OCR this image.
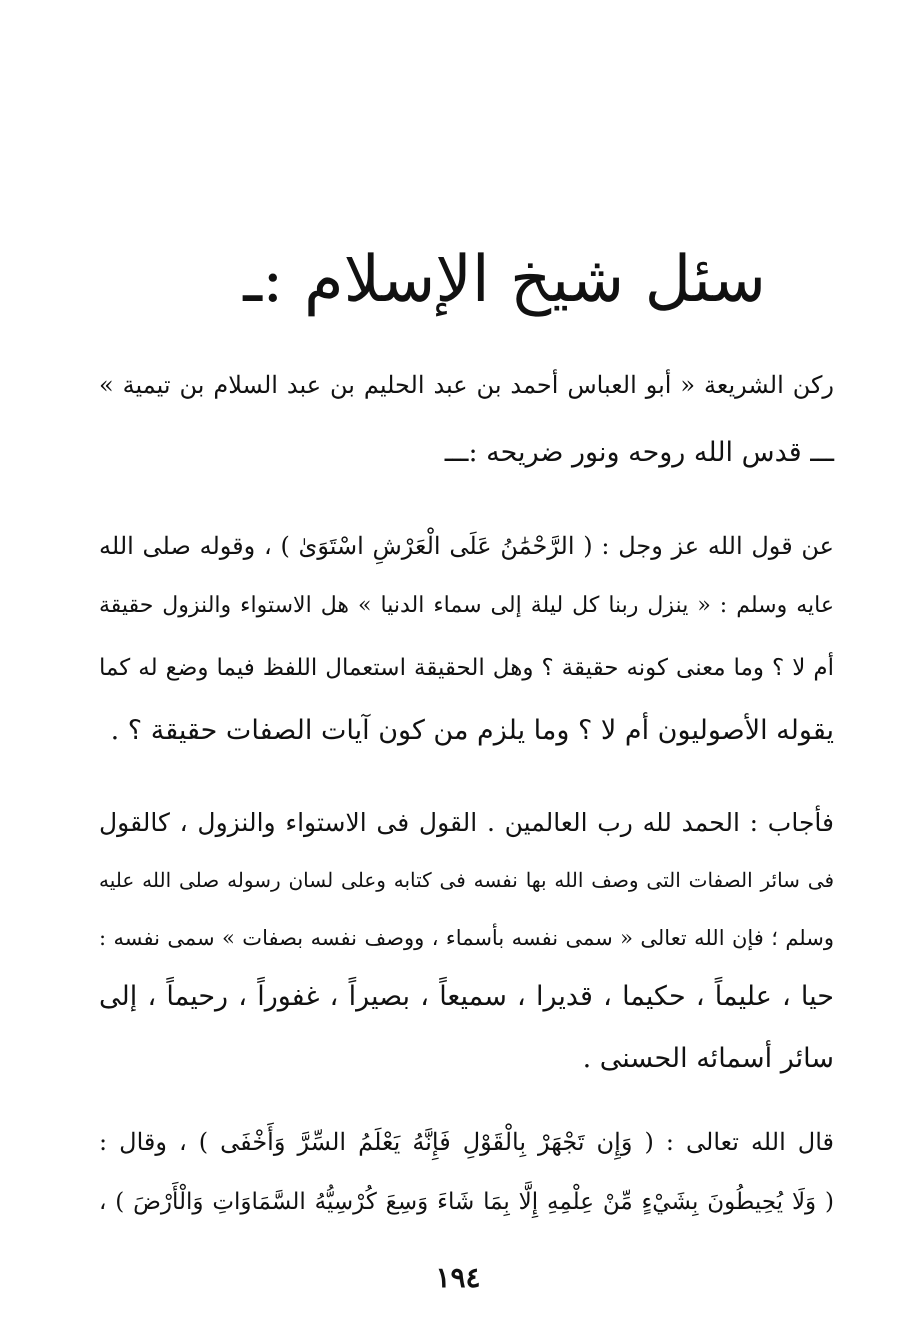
سئل شيخ الإسلام :ـ
ركن الشريعة « أبو العباس أحمد بن عبد الحليم بن عبد السلام بن تيمية »
ـــ قدس الله روحه ونور ضريحه :ـــ
عن قول الله عز وجل : ( الرَّحْمَٰنُ عَلَى الْعَرْشِ اسْتَوَىٰ ) ، وقوله صلى الله
عايه وسلم : « ينزل ربنا كل ليلة إلى سماء الدنيا » هل الاستواء والنزول حقيقة
أم لا ؟ وما معنى كونه حقيقة ؟ وهل الحقيقة استعمال اللفظ فيما وضع له كما
يقوله الأصوليون أم لا ؟ وما يلزم من كون آيات الصفات حقيقة ؟ .
فأجاب : الحمد لله رب العالمين . القول فى الاستواء والنزول ، كالقول
فى سائر الصفات التى وصف الله بها نفسه فى كتابه وعلى لسان رسوله صلى الله عليه
وسلم ؛ فإن الله تعالى « سمى نفسه بأسماء ، ووصف نفسه بصفات » سمى نفسه :
حيا ، عليماً ، حكيما ، قديرا ، سميعاً ، بصيراً ، غفوراً ، رحيماً ، إلى
سائر أسمائه الحسنى .
قال الله تعالى : ( وَإِن تَجْهَرْ بِالْقَوْلِ فَإِنَّهُ يَعْلَمُ السِّرَّ وَأَخْفَى ) ، وقال :
( وَلَا يُحِيطُونَ بِشَيْءٍ مِّنْ عِلْمِهِ إِلَّا بِمَا شَاءَ وَسِعَ كُرْسِيُّهُ السَّمَاوَاتِ وَالْأَرْضَ ) ،
١٩٤
